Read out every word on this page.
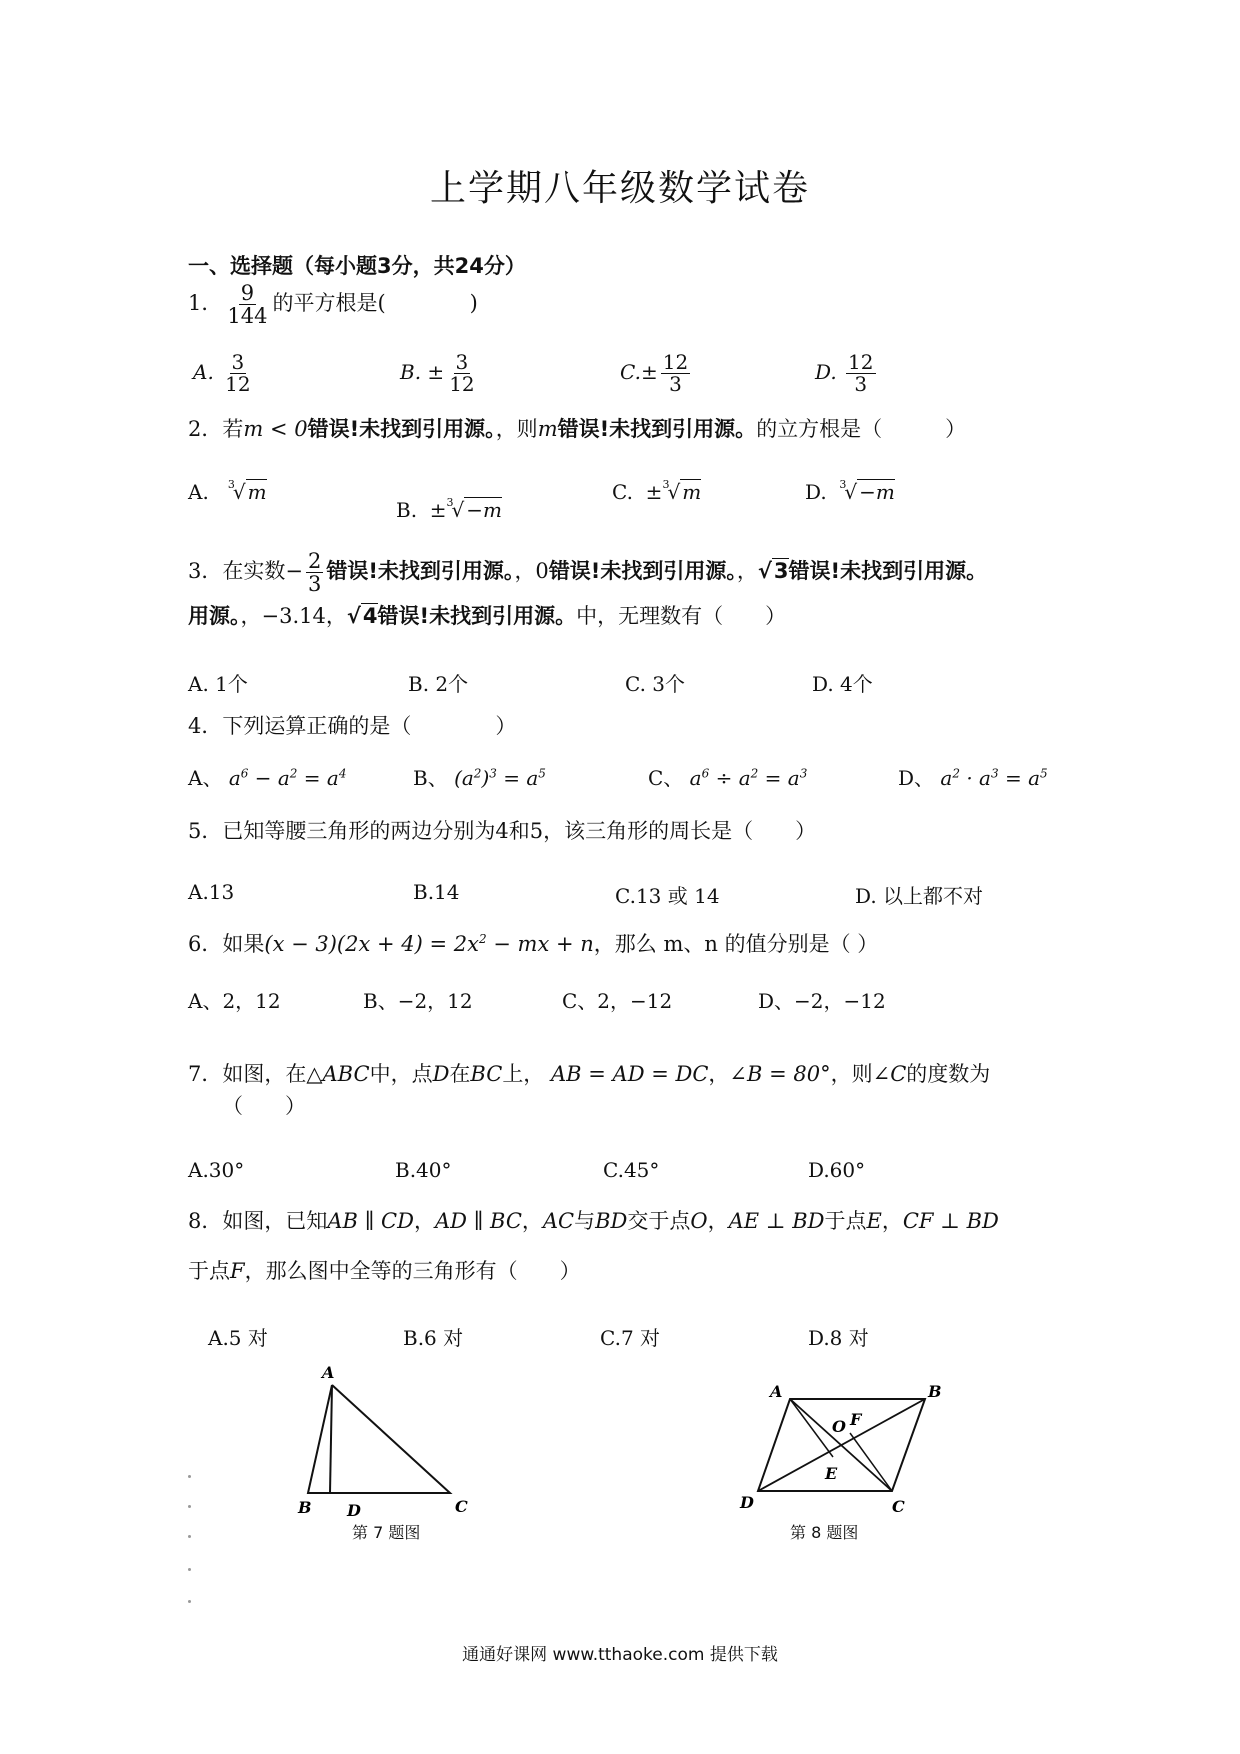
上学期八年级数学试卷
一、选择题（每小题3分，共24分）
1． $\frac{9}{144}$ 的平方根是(　　　　)
A. $\frac{3}{12}$	B. ± $\frac{3}{12}$	$C.\pm \frac{12}{3}$	D. $\frac{12}{3}$
2．若m < 0错误!未找到引用源。，则m错误!未找到引用源。的立方根是（　　　）
A. $^3$√ m
B. ±$^3$√ −m
C. ±$^3$√ m	D. $^3$√ −m
3．在实数− $\frac{2}{3}$ 错误!未找到引用源。，0错误!未找到引用源。，√3错误!未找到引用源。
用源。，−3.14，√4错误!未找到引用源。中，无理数有（　　）
A. 1个	B. 2个	C. 3个	D. 4个
4．下列运算正确的是（　　　　）
A、 $a^6 - a^2 = a^4$	B、 $(a^2)^3 = a^5$	C、 $a^6 \div a^2 = a^3$	D、 $a^2 \cdot a^3 = a^5$
5．已知等腰三角形的两边分别为4和5，该三角形的周长是（　　）
A.13	B.14	C.13 或 14	D. 以上都不对
6．如果$(x - 3)(2x + 4) = 2x^2$ − mx + n，那么 m、n 的值分别是（ ）
A、2，12	B、−2，12	C、2，−12	D、−2，−12
7．如图，在△ABC中，点D在BC上， AB = AD = DC，∠B = 80°，则∠C的度数为
（　　）
A.30°	B.40°	C.45°	D.60°
8．如图，已知AB ∥ CD，AD ∥ BC，AC与BD交于点O，AE ⊥ BD于点E，CF ⊥ BD
于点F，那么图中全等的三角形有（　　）
A.5 对	B.6 对	C.7 对	D.8 对
A
B D	C
第 7 题图
A	B
C
D
O F
E
第 8 题图
通通好课网 www.tthaoke.com 提供下载
